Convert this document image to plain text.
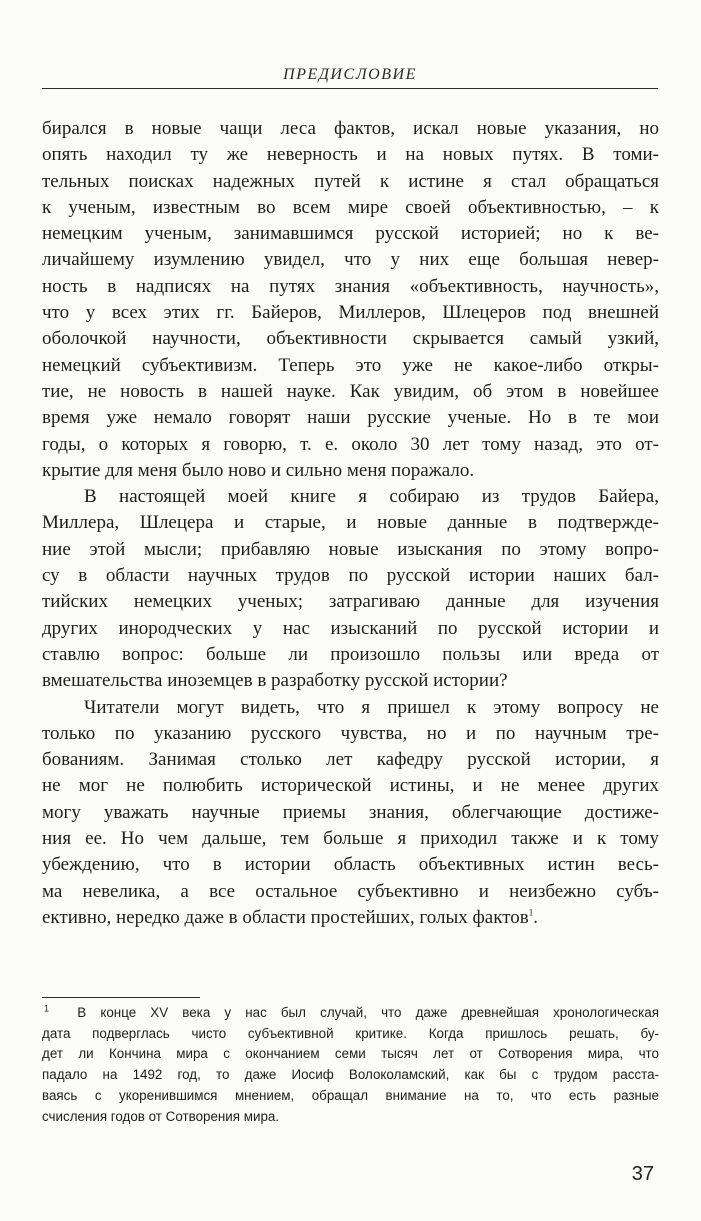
ПРЕДИСЛОВИЕ
бирался в новые чащи леса фактов, искал новые указания, но
опять находил ту же неверность и на новых путях. В томи-
тельных поисках надежных путей к истине я стал обращаться
к ученым, известным во всем мире своей объективностью, – к
немецким ученым, занимавшимся русской историей; но к ве-
личайшему изумлению увидел, что у них еще большая невер-
ность в надписях на путях знания «объективность, научность»,
что у всех этих гг. Байеров, Миллеров, Шлецеров под внешней
оболочкой научности, объективности скрывается самый узкий,
немецкий субъективизм. Теперь это уже не какое-либо откры-
тие, не новость в нашей науке. Как увидим, об этом в новейшее
время уже немало говорят наши русские ученые. Но в те мои
годы, о которых я говорю, т. е. около 30 лет тому назад, это от-
крытие для меня было ново и сильно меня поражало.
В настоящей моей книге я собираю из трудов Байера,
Миллера, Шлецера и старые, и новые данные в подтвержде-
ние этой мысли; прибавляю новые изыскания по этому вопро-
су в области научных трудов по русской истории наших бал-
тийских немецких ученых; затрагиваю данные для изучения
других инородческих у нас изысканий по русской истории и
ставлю вопрос: больше ли произошло пользы или вреда от
вмешательства иноземцев в разработку русской истории?
Читатели могут видеть, что я пришел к этому вопросу не
только по указанию русского чувства, но и по научным тре-
бованиям. Занимая столько лет кафедру русской истории, я
не мог не полюбить исторической истины, и не менее других
могу уважать научные приемы знания, облегчающие достиже-
ния ее. Но чем дальше, тем больше я приходил также и к тому
убеждению, что в истории область объективных истин весь-
ма невелика, а все остальное субъективно и неизбежно субъ-
ективно, нередко даже в области простейших, голых фактов$^1$.
$^1$ В конце XV века у нас был случай, что даже древнейшая хронологическая
дата подверглась чисто субъективной критике. Когда пришлось решать, бу-
дет ли Кончина мира с окончанием семи тысяч лет от Сотворения мира, что
падало на 1492 год, то даже Иосиф Волоколамский, как бы с трудом расста-
ваясь с укоренившимся мнением, обращал внимание на то, что есть разные
счисления годов от Сотворения мира.
37
